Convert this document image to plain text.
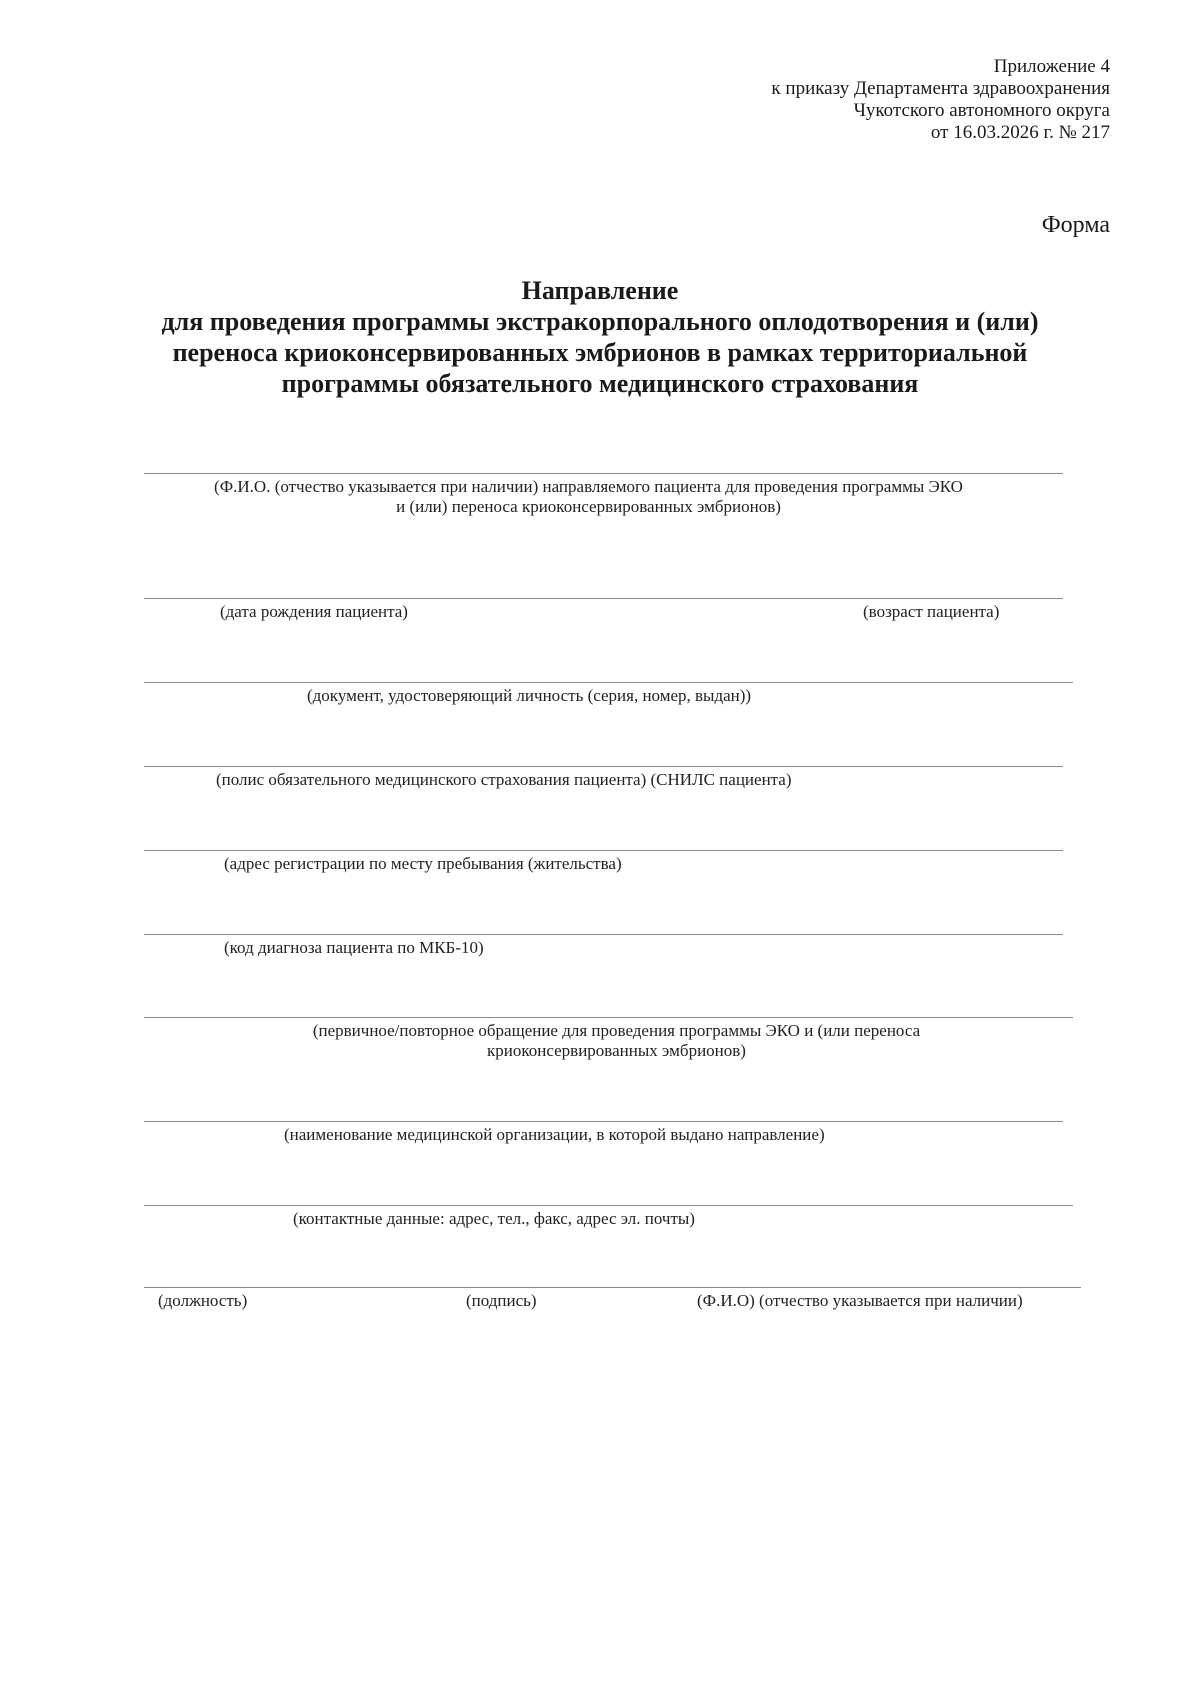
Приложение 4
к приказу Департамента здравоохранения
Чукотского автономного округа
от 16.03.2026 г. № 217
Форма
Направление
для проведения программы экстракорпорального оплодотворения и (или)
переноса криоконсервированных эмбрионов в рамках территориальной
программы обязательного медицинского страхования
(Ф.И.О. (отчество указывается при наличии) направляемого пациента для проведения программы ЭКО
и (или) переноса криоконсервированных эмбрионов)
(дата рождения пациента)	(возраст пациента)
(документ, удостоверяющий личность (серия, номер, выдан))
(полис обязательного медицинского страхования пациента) (СНИЛС пациента)
(адрес регистрации по месту пребывания (жительства)
(код диагноза пациента по МКБ-10)
(первичное/повторное обращение для проведения программы ЭКО и (или переноса
криоконсервированных эмбрионов)
(наименование медицинской организации, в которой выдано направление)
(контактные данные: адрес, тел., факс, адрес эл. почты)
(должность)	(подпись)	(Ф.И.О) (отчество указывается при наличии)
